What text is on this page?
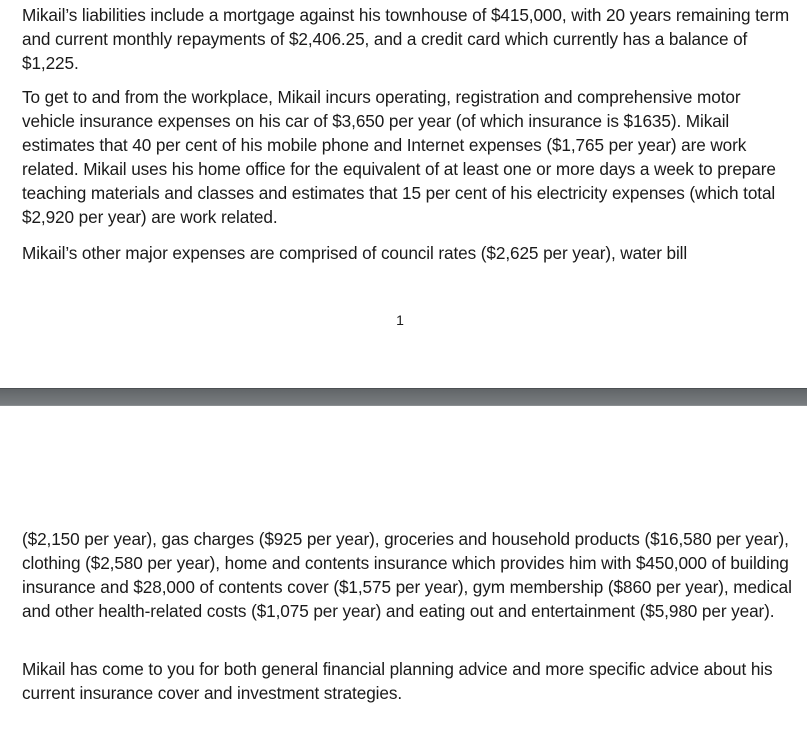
Mikail’s liabilities include a mortgage against his townhouse of $415,000, with 20 years remaining term and current monthly repayments of $2,406.25, and a credit card which currently has a balance of $1,225.

To get to and from the workplace, Mikail incurs operating, registration and comprehensive motor vehicle insurance expenses on his car of $3,650 per year (of which insurance is $1635). Mikail estimates that 40 per cent of his mobile phone and Internet expenses ($1,765 per year) are work related. Mikail uses his home office for the equivalent of at least one or more days a week to prepare teaching materials and classes and estimates that 15 per cent of his electricity expenses (which total $2,920 per year) are work related.

Mikail’s other major expenses are comprised of council rates ($2,625 per year), water bill

1

($2,150 per year), gas charges ($925 per year), groceries and household products ($16,580 per year), clothing ($2,580 per year), home and contents insurance which provides him with $450,000 of building insurance and $28,000 of contents cover ($1,575 per year), gym membership ($860 per year), medical and other health-related costs ($1,075 per year) and eating out and entertainment ($5,980 per year).

Mikail has come to you for both general financial planning advice and more specific advice about his current insurance cover and investment strategies.
